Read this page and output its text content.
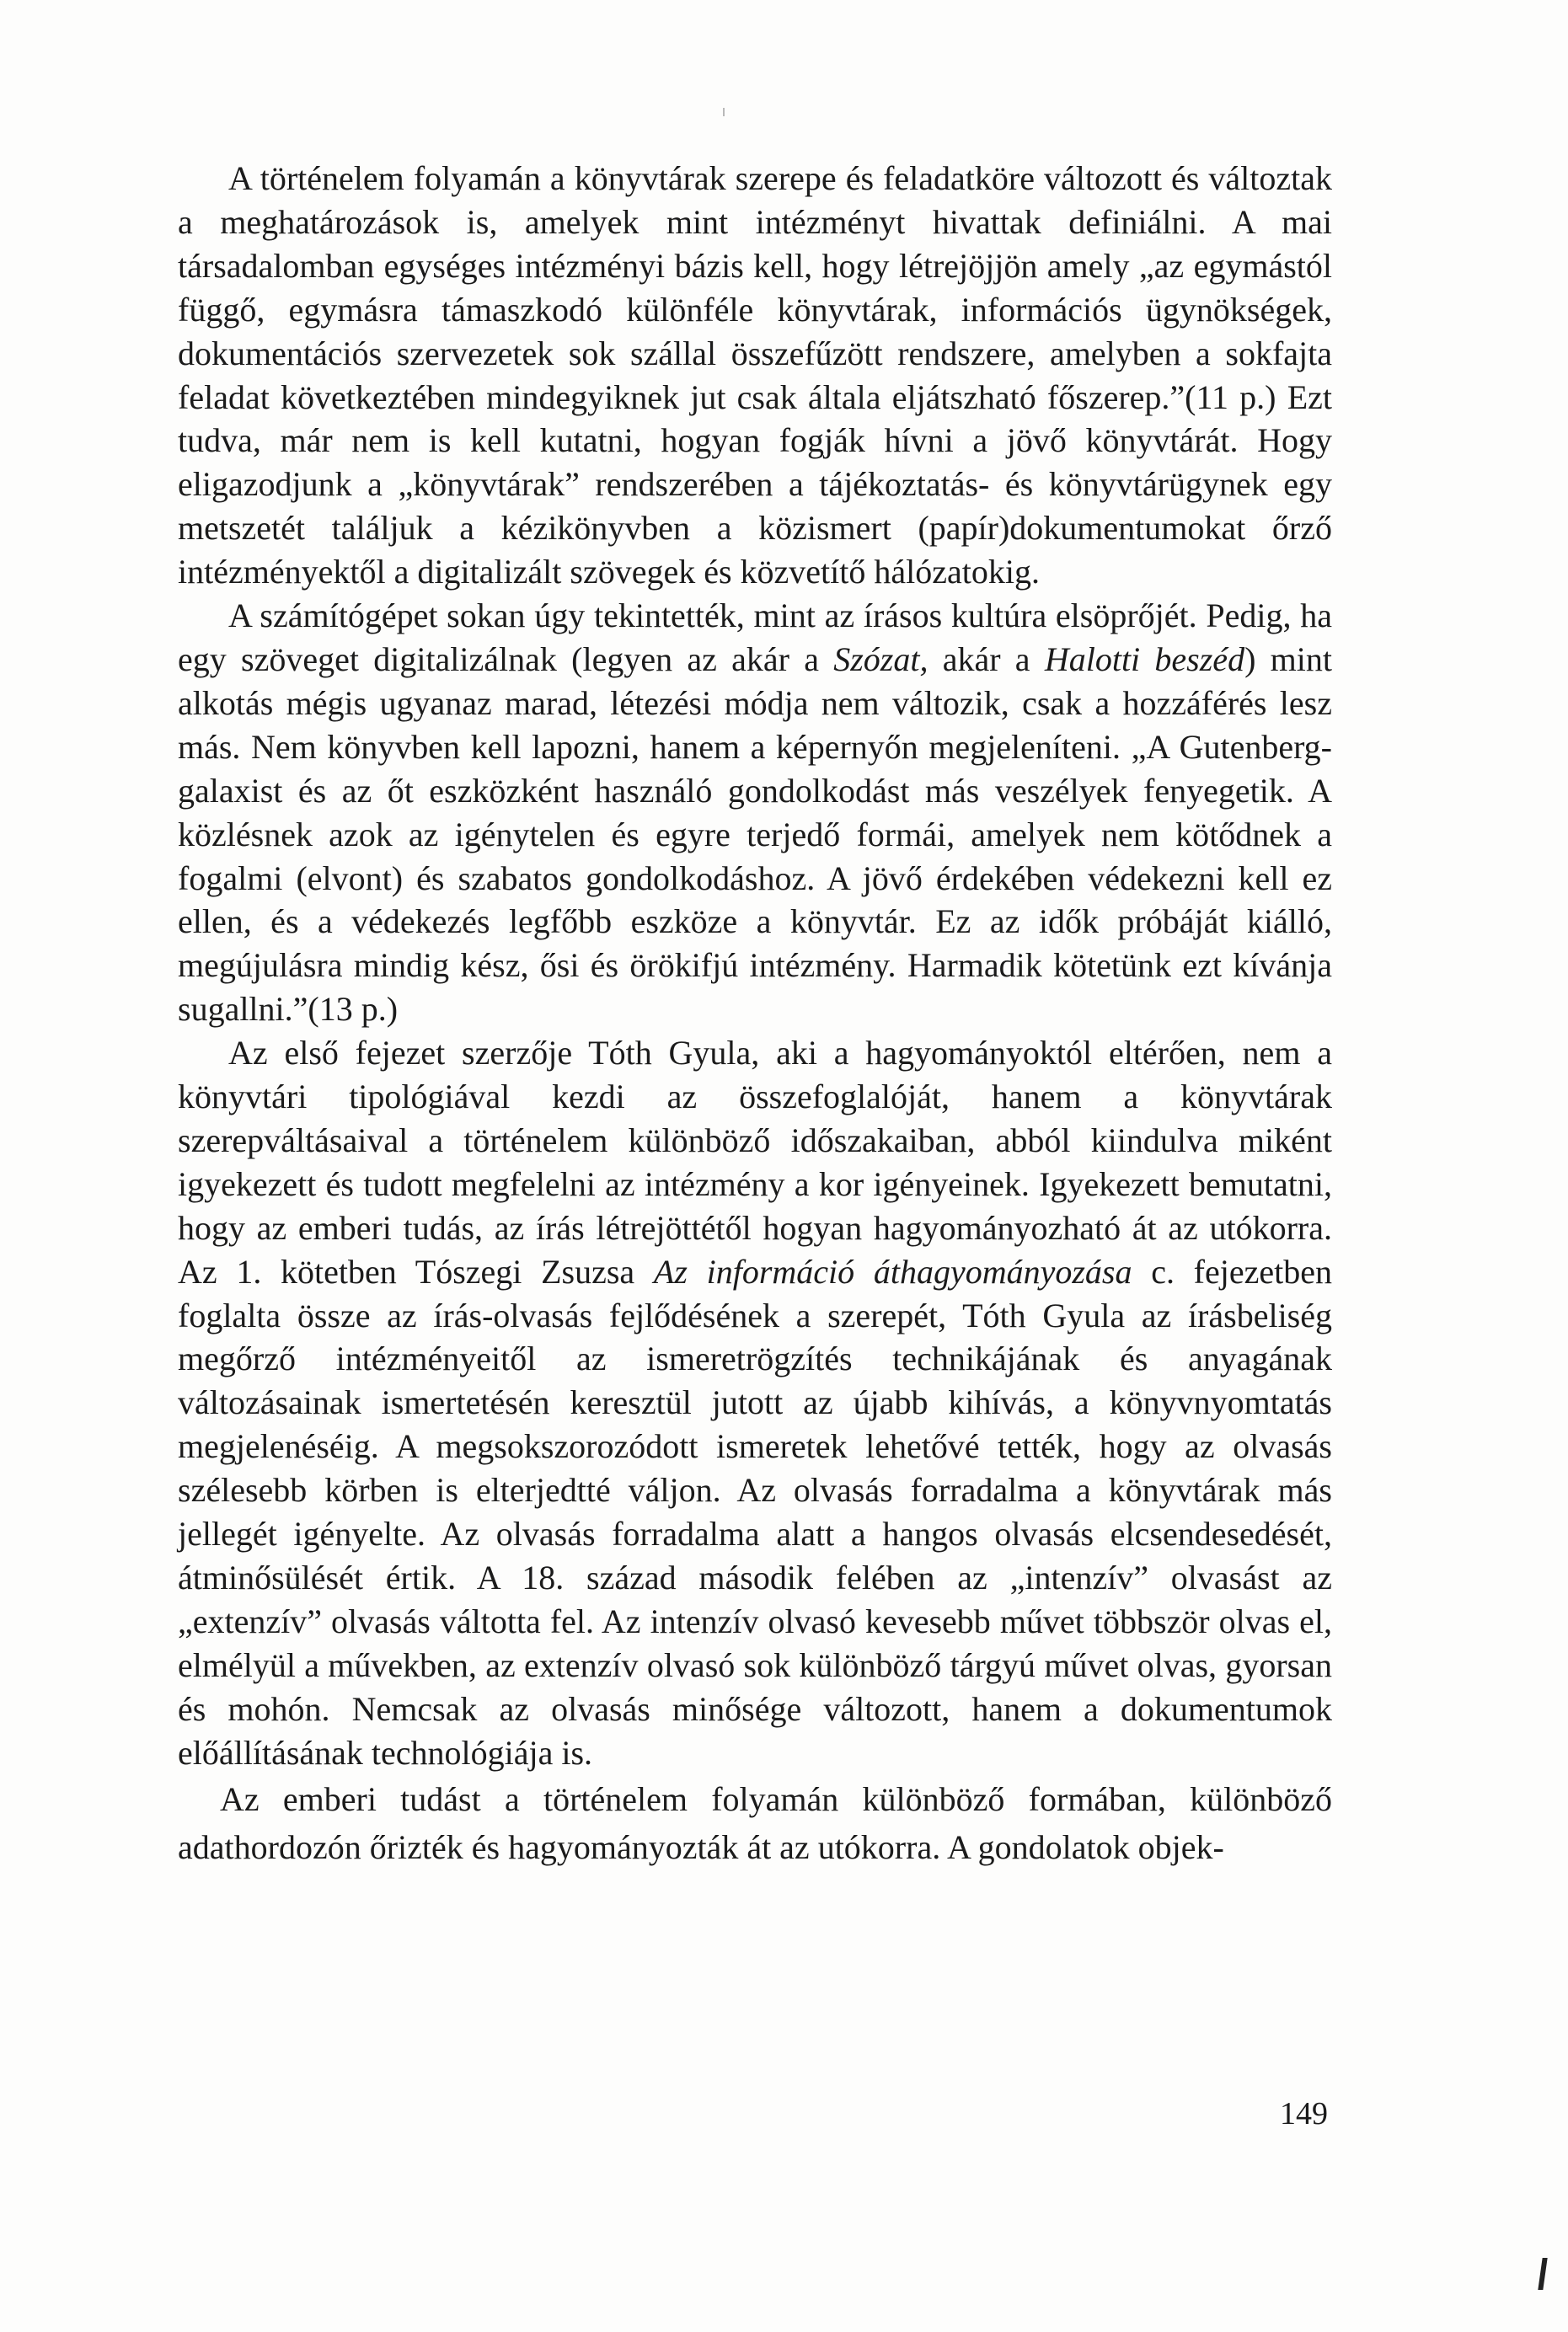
A történelem folyamán a könyvtárak szerepe és feladatköre változott és változtak a meghatározások is, amelyek mint intézményt hivattak definiálni. A mai társadalomban egységes intézményi bázis kell, hogy létrejöjjön amely „az egymástól függő, egymásra támaszkodó különféle könyvtárak, információs ügynökségek, dokumentációs szervezetek sok szállal összefűzött rendszere, amelyben a sokfajta feladat következtében mindegyiknek jut csak általa eljátszható főszerep.”(11 p.) Ezt tudva, már nem is kell kutatni, hogyan fogják hívni a jövő könyvtárát. Hogy eligazodjunk a „könyvtárak” rendszerében a tájékoztatás- és könyvtárügynek egy metszetét találjuk a kézikönyvben a közismert (papír)dokumentumokat őrző intézményektől a digitalizált szövegek és közvetítő hálózatokig.

A számítógépet sokan úgy tekintették, mint az írásos kultúra elsöprőjét. Pedig, ha egy szöveget digitalizálnak (legyen az akár a Szózat, akár a Halotti beszéd) mint alkotás mégis ugyanaz marad, létezési módja nem változik, csak a hozzáférés lesz más. Nem könyvben kell lapozni, hanem a képernyőn megjeleníteni. „A Gutenberg-galaxist és az őt eszközként használó gondolkodást más veszélyek fenyegetik. A közlésnek azok az igénytelen és egyre terjedő formái, amelyek nem kötődnek a fogalmi (elvont) és szabatos gondolkodáshoz. A jövő érdekében védekezni kell ez ellen, és a védekezés legfőbb eszköze a könyvtár. Ez az idők próbáját kiálló, megújulásra mindig kész, ősi és örökifjú intézmény. Harmadik kötetünk ezt kívánja sugallni.”(13 p.)

Az első fejezet szerzője Tóth Gyula, aki a hagyományoktól eltérően, nem a könyvtári tipológiával kezdi az összefoglalóját, hanem a könyvtárak szerepváltásaival a történelem különböző időszakaiban, abból kiindulva miként igyekezett és tudott megfelelni az intézmény a kor igényeinek. Igyekezett bemutatni, hogy az emberi tudás, az írás létrejöttétől hogyan hagyományozható át az utókorra. Az 1. kötetben Tószegi Zsuzsa Az információ áthagyományozása c. fejezetben foglalta össze az írás-olvasás fejlődésének a szerepét, Tóth Gyula az írásbeliség megőrző intézményeitől az ismeretrögzítés technikájának és anyagának változásainak ismertetésén keresztül jutott az újabb kihívás, a könyvnyomtatás megjelenéséig. A megsokszorozódott ismeretek lehetővé tették, hogy az olvasás szélesebb körben is elterjedtté váljon. Az olvasás forradalma a könyvtárak más jellegét igényelte. Az olvasás forradalma alatt a hangos olvasás elcsendesedését, átminősülését értik. A 18. század második felében az „intenzív” olvasást az „extenzív” olvasás váltotta fel. Az intenzív olvasó kevesebb művet többször olvas el, elmélyül a művekben, az extenzív olvasó sok különböző tárgyú művet olvas, gyorsan és mohón. Nemcsak az olvasás minősége változott, hanem a dokumentumok előállításának technológiája is.

Az emberi tudást a történelem folyamán különböző formában, különböző adathordozón őrizték és hagyományozták át az utókorra. A gondolatok objek-

149
